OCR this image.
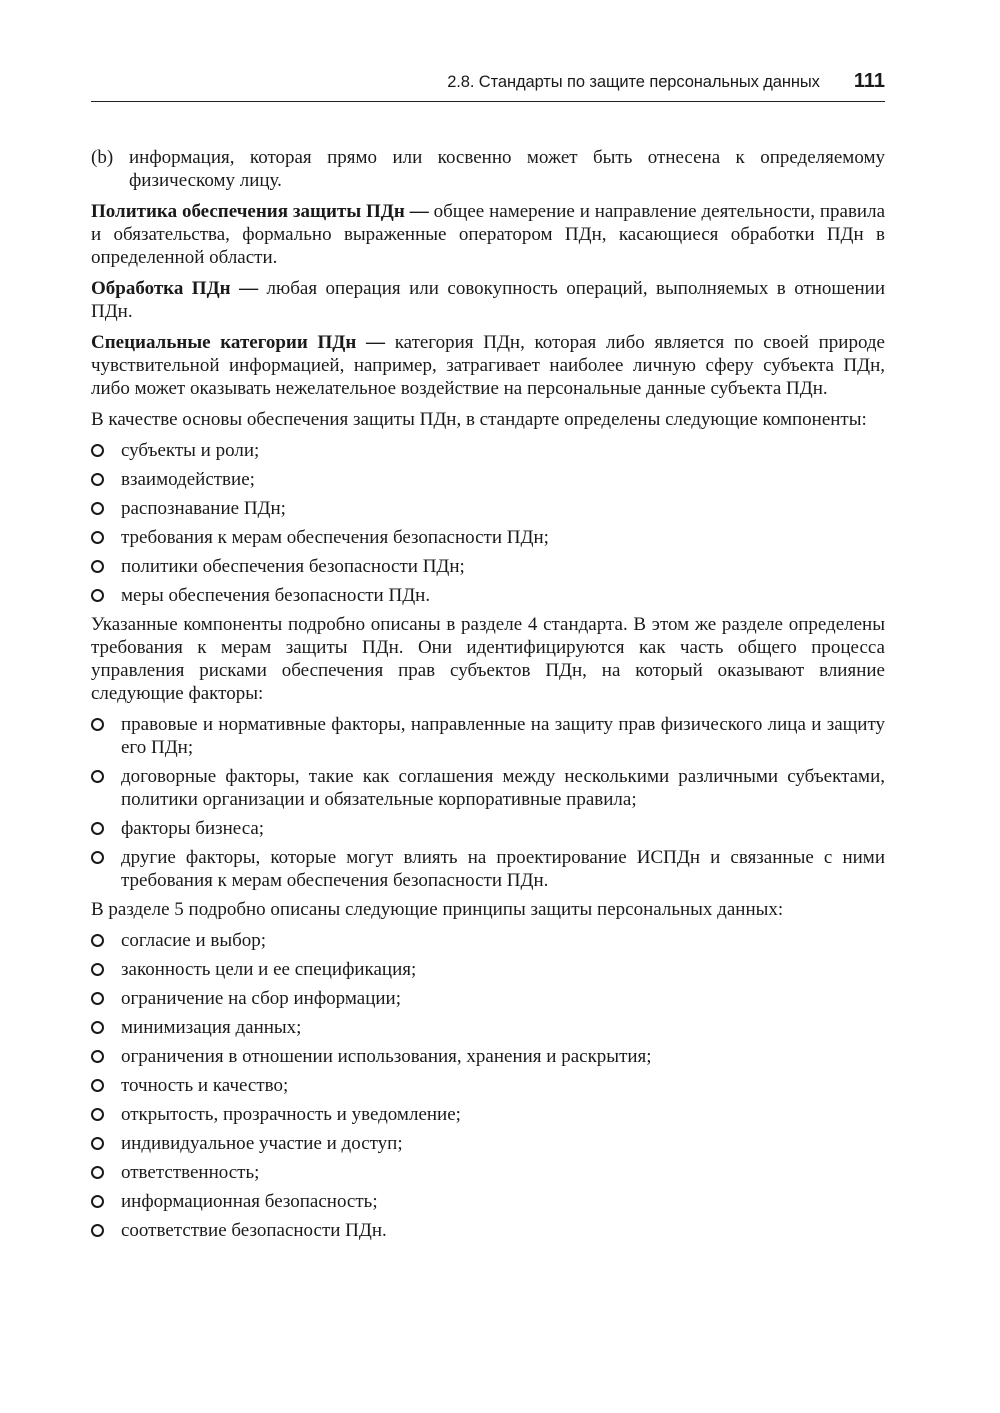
2.8. Стандарты по защите персональных данных 111
(b) информация, которая прямо или косвенно может быть отнесена к определяемому физическому лицу.

Политика обеспечения защиты ПДн — общее намерение и направление деятельности, правила и обязательства, формально выраженные оператором ПДн, касающиеся обработки ПДн в определенной области.

Обработка ПДн — любая операция или совокупность операций, выполняемых в отношении ПДн.

Специальные категории ПДн — категория ПДн, которая либо является по своей природе чувствительной информацией, например, затрагивает наиболее личную сферу субъекта ПДн, либо может оказывать нежелательное воздействие на персональные данные субъекта ПДн.

В качестве основы обеспечения защиты ПДн, в стандарте определены следующие компоненты:

субъекты и роли;
взаимодействие;
распознавание ПДн;
требования к мерам обеспечения безопасности ПДн;
политики обеспечения безопасности ПДн;
меры обеспечения безопасности ПДн.

Указанные компоненты подробно описаны в разделе 4 стандарта. В этом же разделе определены требования к мерам защиты ПДн. Они идентифицируются как часть общего процесса управления рисками обеспечения прав субъектов ПДн, на который оказывают влияние следующие факторы:

правовые и нормативные факторы, направленные на защиту прав физического лица и защиту его ПДн;
договорные факторы, такие как соглашения между несколькими различными субъектами, политики организации и обязательные корпоративные правила;
факторы бизнеса;
другие факторы, которые могут влиять на проектирование ИСПДн и связанные с ними требования к мерам обеспечения безопасности ПДн.

В разделе 5 подробно описаны следующие принципы защиты персональных данных:

согласие и выбор;
законность цели и ее спецификация;
ограничение на сбор информации;
минимизация данных;
ограничения в отношении использования, хранения и раскрытия;
точность и качество;
открытость, прозрачность и уведомление;
индивидуальное участие и доступ;
ответственность;
информационная безопасность;
соответствие безопасности ПДн.
